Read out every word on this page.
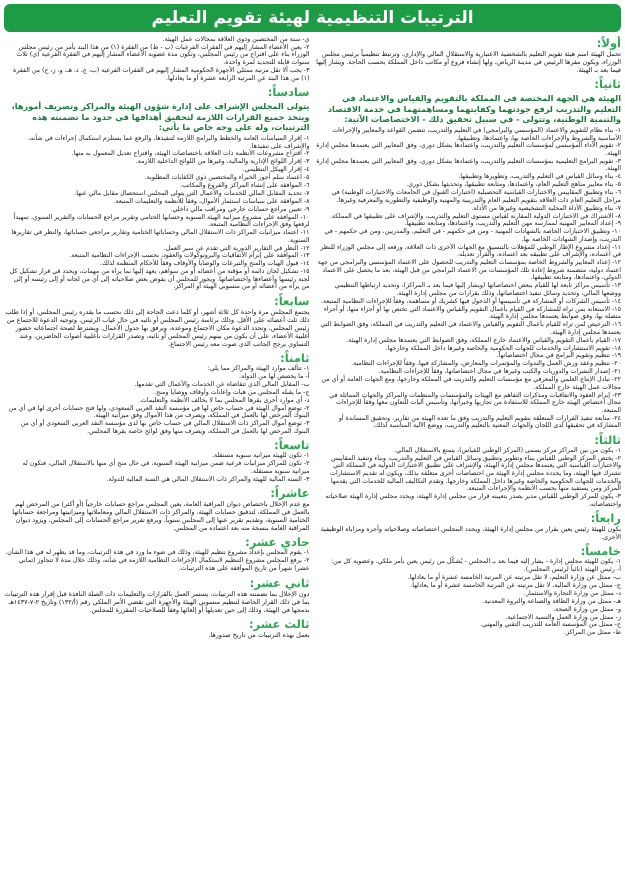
الترتيبات التنظيمية لهيئة تقويم التعليم
أولاً:
تحمل الهيئة اسم هيئة تقويم التعليم بالشخصية الاعتبارية والاستقلال المالي والإداري، وترتبط تنظيمياً برئيس مجلس الوزراء، ويكون مقرها الرئيس في مدينة الرياض، ولها إنشاء فروع أو مكاتب داخل المملكة بحسب الحاجة. ويشار إليها فيما بعد بـ الهيئة.
ثانياً:
الهيئة هي الجهة المختصة في المملكة بالتقويم والقياس والاعتماد في التعليم والتدريب لرفع جودتهما وكفايتهما ومساهمتهما في خدمة الاقتصاد والتنمية الوطنية، وتتولى - في سبيل تحقيق ذلك - الاختصاصات الآتية:
١- بناء نظام للتقويم والاعتماد (المؤسسي والبرامجي) في التعليم والتدريب، تتضمن القواعد والمعايير والإجراءات الأساسية والشروط والإجراءات الخاصة بها، واعتمادها، وتطبيقها.
٢- تقويم الأداء المؤسسي لمؤسسات التعليم والتدريب، واعتمادها بشكل دوري، وفق المعايير التي يعتمدها مجلس إدارة الهيئة.
٣- تقويم البرامج التعليمية بمؤسسات التعليم والتدريب، واعتمادها بشكل دوري، وفق المعايير التي يعتمدها مجلس إدارة الهيئة.
٤- بناء وسائل القياس في التعليم والتدريب، وتطويرها وتطبيقها.
٥- بناء معايير مناهج التعليم العام، واعتمادها، ومتابعة تطبيقها، وتحديثها بشكل دوري.
٦- بناء وتطبيق المقاييس والاختبارات القياسية التحصيلية (اختبارات القبول في الجامعات والاختبارات الوطنية) في مراحل التعليم العام ذات العلاقة بتقويم التعليم العام والتدريبية والمهنية والوظيفية والتطورية والمعرفية وغيرها.
٧- بناء وتطبيق الأداة المحلية التشخيصية وغيرها من الأدلة.
٨- الاشتراك في الاختبارات الدولية المقارنة لقياس مستوى التعليم والتدريب، والإشراف على تطبيقها في المملكة.
٩- إعداد المعايير المهنية لممارسة مهن التعليم والتدريب، واعتمادها، ومتابعة تطبيقها.
١٠- وتطبيق الاختبارات الخاصة بالشهادات المهنية - ومن في حكمهم - في التعليم، والمدربين، ومن في حكمهم - في التدريب، وإصدار الشهادات الخاصة بها.
١١- إعداد مشروع الإطار الوطني للمؤهلات بالتنسيق مع الجهات الأخرى ذات العلاقة، ورفعه إلى مجلس الوزراء للنظر في اعتماده، والإشراف على تطبيقه بعد اعتماده، والقرار تعديله.
١٢- إعداد المعايير والشروط الخاصة بمؤسسات التعليم والتدريب للحصول على الاعتماد المؤسسي والبرامجي من جهة اعتماد دولية، متضمنة شروط إعادة تلك المؤسسات من الاعتماد البرامجي من قبل الهيئة، بعد ما يحصل على الاعتماد الدولي، واعتمادها، ومتابعة تطبيقها.
١٣- تأسيس مراكز تابعة لها للقيام ببعض اختصاصاتها (ويشار إليها فيما بعد بـ المراكز)، وتحديد ارتباطها التنظيمي ووضعها المالي، وتحديد وسائل تنفيذ اختصاصاتها، وذلك بقرارات من مجلس إدارة الهيئة.
١٤- تأسيس الشركات أو المشاركة في تأسيسها أو الدخول فيها كشريك أو مساهمة، وفقاً للإجراءات النظامية المتبعة.
١٥- الاستعانة بمن تراه للمشاركة في القيام بأعمال التقويم والقياس والاعتماد التي تختص بها أو أجزاء منها، أو أجزاء متصلة بها، وفق ضوابط يعتمدها مجلس إدارة الهيئة.
١٦- الترخيص لمن تراه للقيام بأعمال التقويم والقياس والاعتماد في التعليم والتدريب في المملكة، وفق الضوابط التي يعتمدها مجلس إدارة الهيئة.
١٧- القيام بأعمال التقويم والقياس والاعتماد خارج المملكة، وفق الضوابط التي يعتمدها مجلس إدارة الهيئة.
١٨- تقويم الاستشارات والخدمات للجهات الحكومية والخاصة وغيرها داخل المملكة وخارجها.
١٩- تنظيم وتقويم البرامج في مجال اختصاصاتها.
٢٠- تنظيم وعقد ورش العمل والندوات والمؤتمرات والمعارض، والمشاركة فيها، وفقاً للإجراءات النظامية.
٢١- إصدار النشرات والدوريات والكتب وغيرها في مجال اختصاصاتها، وفقاً للإجراءات النظامية.
٢٢- تبادل الإنتاج العلمي والمعرفي مع مؤسسات التعليم والتدريب في المملكة وخارجها، ومع الجهات العامة أو أي من مجالات عمل الهيئة خارج المملكة.
٢٣- إبرام العقود والاتفاقيات ومذكرات التفاهم مع الهيئات والمؤسسات والمنظمات والمراكز والجهات المماثلة في مجال اختصاص الهيئة خارج المملكة للاستفادة من تجاربها وخبراتها، وتأسيس آليات للتعاون معها وفقاً للإجراءات المتبعة.
٢٤- متابعة تنفيذ القرارات المتعلقة بتقويم التعليم والتدريب وفق ما تعده الهيئة من تقارير، وتحقيق المساندة أو المشاركة في تحقيقها لدى اللجان والجهات المعنية بالتعليم والتدريب، ووضع الآلية المناسبة لذلك.
ثالثاً:
١- يكون من بين المراكز مركز يسمى (المركز الوطني للقياس)، يتمتع بالاستقلال المالي.
٢- يختص المركز الوطني للقياس ببناء وتطوير وتطبيق وسائل القياس في التعليم والتدريب، وبناء وتنفيذ المقاييس والاختبارات القياسية التي يعتمدها مجلس إدارة الهيئة، والإشراف على تطبيق الاختبارات الدولية في المملكة التي تشترك فيها الهيئة، وما يحدده مجلس إدارة الهيئة من اختصاصات أخرى متعلقة بذلك، ويكون له تقديم الاستشارات والخدمات للجهات الحكومية والخاصة وغيرها داخل المملكة وخارجها. وتقدم التكاليف المالية للخدمات التي يقدمها المركز ومن يستفيد منها بحسب الأنظمة والإجراءات المتبعة.
٣- يكون للمركز الوطني للقياس مدير يصدر بتعيينه قرار من مجلس إدارة الهيئة، ويحدد مجلس إدارة الهيئة صلاحياته واختصاصاته.
رابعاً:
يكون للهيئة رئيس يعين بقرار من مجلس إدارة الهيئة، ويحدد المجلس اختصاصاته وصلاحياته وأجره ومزاياه الوظيفية الأخرى.
خامساً:
١- يكون للهيئة مجلس إدارة - يشار إليه فيما بعد بـ المجلس - يُشكّل من رئيس يعين بأمر ملكي، وعضوية كل من:
أ- رئيس الهيئة (نائباً لرئيس المجلس).
ب- ممثل عن وزارة التعليم، لا تقل مرتبته عن المرتبة الخامسة عشرة أو ما يعادلها.
ج- ممثل من وزارة المالية، لا تقل مرتبته عن المرتبة الخامسة عشرة أو ما يعادلها.
د- ممثل من وزارة التجارة والاستثمار.
هـ- ممثل من وزارة الطاقة والصناعة والثروة المعدنية.
و- ممثل من وزارة الصحة.
ز- ممثل من وزارة العمل والتنمية الاجتماعية.
ح- ممثل من المؤسسة العامة للتدريب التقني والمهني.
ط- ممثل من المراكز.
ي- ستة من المختصين وذوي العلاقة بمجالات عمل الهيئة.
٢- يعين الأعضاء المشار إليهم في الفقرات الفرعيات (ب - ط) من الفقرة (١) من هذا البند بأمر من رئيس مجلس الوزراء بناء على اقتراح من رئيس المجلس، وتكون مدة عضوية الأعضاء المشار إليهم في الفقرة الفرعية (ي) ثلاث سنوات قابلة للتجديد لمرة واحدة.
٣- يجب ألا تقل مرتبة ممثلي الأجهزة الحكومية المشار إليهم في الفقرات الفرعية (ب، ج، د، هـ، و، ز، ح) من الفقرة (١) من هذا البند عن المرتبة الرابعة عشرة أو ما يعادلها.
سادساً:
يتولى المجلس الإشراف على إدارة شؤون الهيئة والمراكز وتصريف أمورها، ويتخذ جميع القرارات اللازمة لتحقيق أهدافها في حدود ما تضمنته هذه الترتيبات، وله على وجه خاص ما يأتي:
١- إقرار السياسات العامة والخطط والبرامج اللازمة لتنفيذها، والرفع عما يستلزم استكمال إجراءات في شأنه، والإشراف على تنفيذها.
٢- اقتراح مشروعات الأنظمة ذات العلاقة باختصاصات الهيئة، واقتراح تعديل المعمول به منها.
٣- إقرار اللوائح الإدارية والمالية، وغيرها من اللوائح الداخلية اللازمة.
٤- إقرار الهيكل التنظيمي.
٥- اعتماد سلم أجور الخبراء والمختصين ذوي الكفايات المطلوبة.
٦- الموافقة على إنشاء المراكز والفروع والمكاتب.
٧- تحديد المقابل المالي للخدمات والأعمال التي يتولى المجلس استحصال مقابل مالي عنها.
٨- الموافقة على سياسات استثمار الأموال، وفقاً للأنظمة والتعليمات المتبعة.
٩- تعيين مراجع حسابات خارجي ومراقب مالي داخلي.
١٠- الموافقة على مشروع ميزانية الهيئة السنوية وحسابها الختامي وتقرير مراجع الحسابات والتقرير السنوي، تمهيداً لرفعها وفق الإجراءات النظامية المتبعة.
١١- اعتماد ميزانيات المراكز ذات الاستقلال المالي وحساباتها الختامية وتقارير مراجعي حساباتها، والنظر في تقاريرها السنوية.
١٢- النظر في التقارير الدورية التي تقدم عن سير العمل.
١٣- الموافقة على إبرام الاتفاقيات والبروتوكولات والعقود، بحسب الإجراءات النظامية المتبعة.
١٤- قبول الهبات والمنح والتبرعات والوصايا والأوقاف وفقاً للأحكام المنظمة لذلك.
١٥- تشكيل لجان دائمة أو مؤقتة من أعضائه أو من سواهم، يعهد إليها بما يراه من مهمات، ويحدد في قرار تشكيل كل لجنة رئيسها وأعضاءها واختصاصاتها. ويجوز للمجلس أن يفوض بعض صلاحياته إلى أي من لجانه أو إلى رئيسه أو إلى من يراه من أعضائه أو من منسوبي الهيئة أو المراكز.
سابعاً:
يجتمع المجلس مرة واحدة كل ثلاثة أشهر، أو كلما دعت الحاجة إلى ذلك بحسب ما يقدره رئيس المجلس، أو إذا طلب ذلك ثلث أعضائه على الأقل. وذلك برئاسة رئيس المجلس أو نائبه في حال غياب الرئيس، وتوجيه الدعوة للاجتماع من رئيس المجلس، وتحدد الدعوة مكان الاجتماع وموعده، ويرفق بها جدول الأعمال. ويشترط لصحة اجتماعاته حضور أغلبية الأعضاء، على أن يكون من بينهم رئيس المجلس أو نائبه، وتصدر القرارات بأغلبية أصوات الحاضرين، وعند التساوي يرجح الجانب الذي صوت معه رئيس الاجتماع.
ثامناً:
١- تتألف موارد الهيئة والمراكز مما يلي:
أ- ما يخصص لها من الدولة.
ب- المقابل المالي الذي تتقاضاه عن الخدمات والأعمال التي تقدمها.
ج- ما يقبله المجلس من هبات وإعانات وأوقاف ووصايا ومنح.
د- أي موارد أخرى يقرها المجلس بما لا يخالف الأنظمة والتعليمات.
٢- توضع أموال الهيئة في حساب خاص لها في مؤسسة النقد العربي السعودي، ولها فتح حسابات أخرى لها في أي من البنوك المرخص لها بالعمل في المملكة، ويصرف من هذا الأموال وفق ميزانية الهيئة.
٣- توضع أموال المراكز ذات الاستقلال المالي في حساب خاص بها لدى مؤسسة النقد العربي السعودي أو أي من البنوك المرخص لها بالعمل في المملكة، ويصرف منها وفق لوائح خاصة يقرها المجلس.
تاسعاً:
١- تكون للهيئة ميزانية سنوية مستقلة.
٢- تكون للمراكز ميزانيات فرعية ضمن ميزانية الهيئة السنوية، في حال منح أي منها بالاستقلال المالي، فتكون له ميزانية سنوية مستقلة.
٣- السنة المالية للهيئة والمراكز ذات الاستقلال المالي هي السنة المالية للدولة.
عاشراً:
مع عدم الإخلال باختصاص ديوان المراقبة العامة، يعين المجلس مراجع حسابات خارجياً (أو أكثر) من المرخص لهم بالعمل في المملكة، لتدقيق حسابات الهيئة، والمراكز ذات الاستقلال المالي ومعاملاتها وميزانيتها ومراجعة حساباتها الختامية السنوية، وتقديم تقرير عنها إلى المجلس سنوياً. ويرفع تقرير مراجع الحسابات إلى المجلس، ويزود ديوان المراقبة العامة بنسخة منه بعد اعتماده من المجلس.
حادي عشر:
١- يقوم المجلس بإعداد مشروع تنظيم للهيئة، وذلك في ضوء ما ورد في هذه الترتيبات، وما قد يظهر له في هذا الشأن.
٢- يرفع المجلس مشروع التنظيم لاستكمال الإجراءات النظامية اللازمة في شأنه، وذلك خلال مدة لا تتجاوز (ثماني عشر) شهراً من تاريخ الموافقة على هذه الترتيبات.
ثاني عشر:
دون الإخلال بما تضمنته هذه الترتيبات، يستمر العمل بالقرارات والتعليمات ذات الصلة النافذة قبل إقرار هذه الترتيبات بما في ذلك القرار الخاصة لتنظيم منسوبي الهيئة والأجهزة التي تقضي الأمر الملكي رقم (أ/١٣٢) وتاريخ ٢-٧-١٤٣٧هـ بدمجها في الهيئة، وذلك إلى حين تعديلها أو إلغائها وفقاً للصلاحيات المقررة للمجلس.
ثالث عشر:
يعمل بهذه الترتيبات من تاريخ صدورها.
